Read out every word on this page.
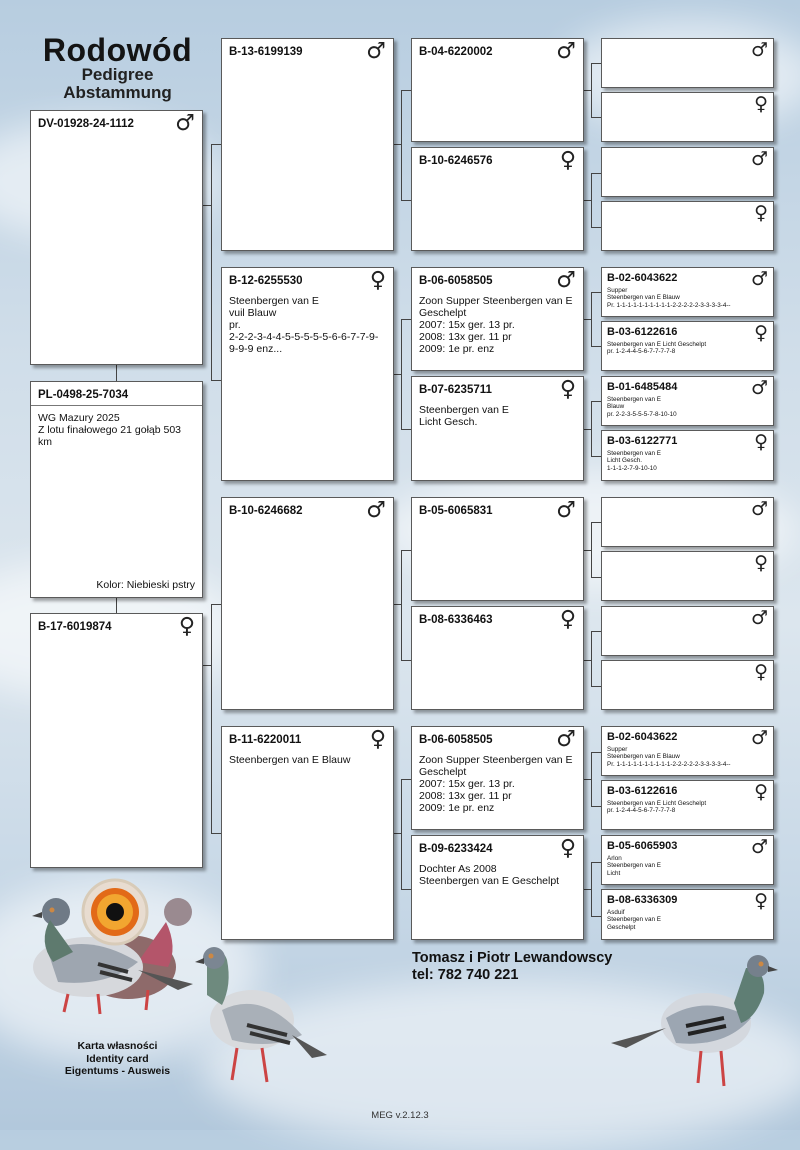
Rodowód
Pedigree
Abstammung
DV-01928-24-1112	♂
PL-0498-25-7034
WG Mazury 2025
Z lotu finałowego 21 gołąb 503 km
Kolor: Niebieski pstry
B-17-6019874	♀
B-13-6199139	♂
B-12-6255530	♀
Steenbergen van E
vuil Blauw
pr.
2-2-2-3-4-4-5-5-5-5-5-6-6-7-7-9-9-9-9 enz...
B-10-6246682	♂
B-11-6220011	♀
Steenbergen van E Blauw
B-04-6220002	♂
B-10-6246576	♀
B-06-6058505	♂
Zoon Supper Steenbergen van E Geschelpt
2007: 15x ger. 13 pr.
2008: 13x ger. 11 pr
2009: 1e pr. enz
B-07-6235711	♀
Steenbergen van E
Licht Gesch.
B-05-6065831	♂
B-08-6336463	♀
B-06-6058505	♂
Zoon Supper Steenbergen van E Geschelpt
2007: 15x ger. 13 pr.
2008: 13x ger. 11 pr
2009: 1e pr. enz
B-09-6233424	♀
Dochter As 2008
Steenbergen van E Geschelpt
♂
♀
♂
♀
B-02-6043622	♂
Supper
Steenbergen van E Blauw
Pr. 1-1-1-1-1-1-1-1-1-1-2-2-2-2-2-3-3-3-3-4--
B-03-6122616	♀
Steenbergen van E Licht Geschelpt
pr. 1-2-4-4-5-6-7-7-7-7-8
B-01-6485484	♂
Steenbergen van E
Blauw
pr. 2-2-3-5-5-5-7-8-10-10
B-03-6122771	♀
Steenbergen van E
Licht Gesch.
1-1-1-2-7-9-10-10
♂
♀
♂
♀
B-02-6043622	♂
Supper
Steenbergen van E Blauw
Pr. 1-1-1-1-1-1-1-1-1-1-2-2-2-2-2-3-3-3-3-4--
B-03-6122616	♀
Steenbergen van E Licht Geschelpt
pr. 1-2-4-4-5-6-7-7-7-7-8
B-05-6065903	♂
Arlon
Steenbergen van E
Licht
B-08-6336309	♀
Asduif
Steenbergen van E
Geschelpt
Tomasz i Piotr Lewandowscy
tel: 782 740 221
Karta własności
Identity card
Eigentums - Ausweis
MEG v.2.12.3
